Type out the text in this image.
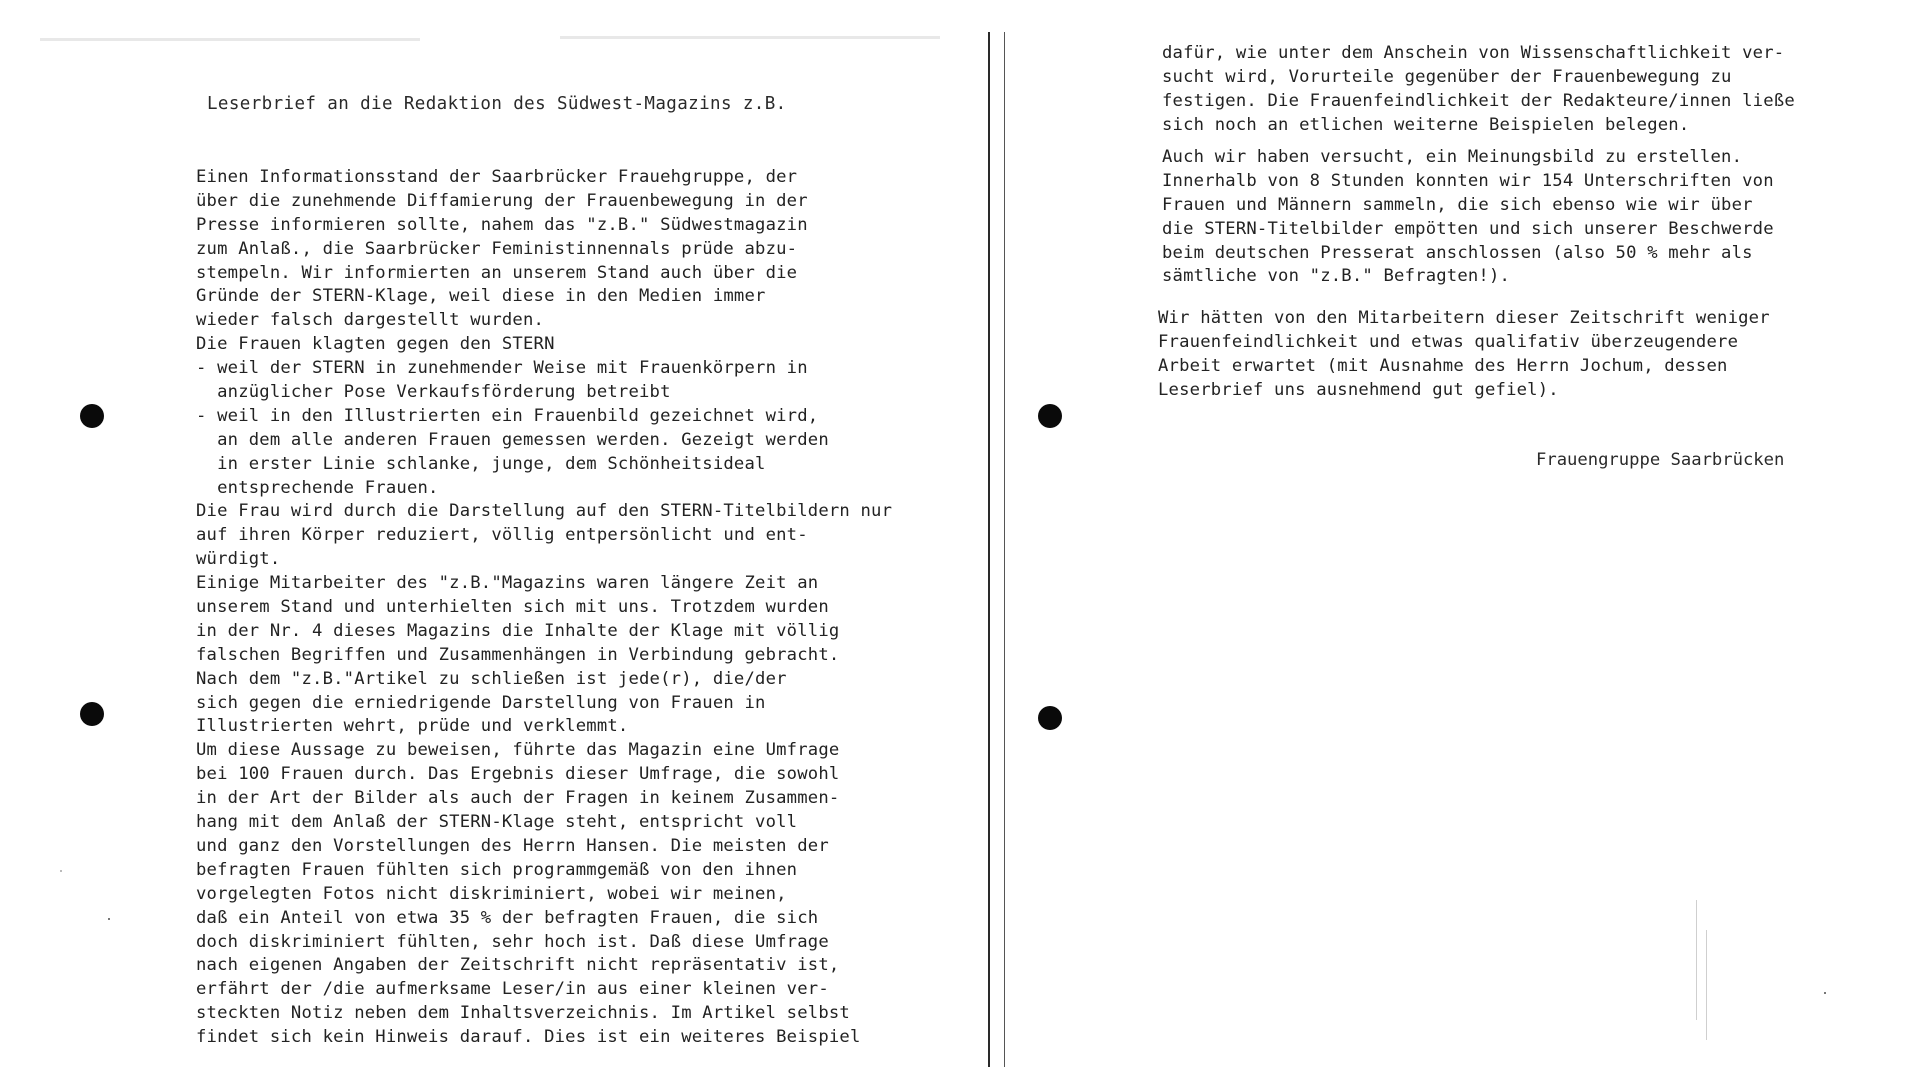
Leserbrief an die Redaktion des Südwest-Magazins z.B.
Einen Informationsstand der Saarbrücker Frauehgruppe, der
über die zunehmende Diffamierung der Frauenbewegung in der
Presse informieren sollte, nahem das "z.B." Südwestmagazin
zum Anlaß., die Saarbrücker Feministinnennals prüde abzu-
stempeln. Wir informierten an unserem Stand auch über die
Gründe der STERN-Klage, weil diese in den Medien immer
wieder falsch dargestellt wurden.
Die Frauen klagten gegen den STERN
- weil der STERN in zunehmender Weise mit Frauenkörpern in
anzüglicher Pose Verkaufsförderung betreibt
- weil in den Illustrierten ein Frauenbild gezeichnet wird,
an dem alle anderen Frauen gemessen werden. Gezeigt werden
in erster Linie schlanke, junge, dem Schönheitsideal
entsprechende Frauen.
Die Frau wird durch die Darstellung auf den STERN-Titelbildern nur
auf ihren Körper reduziert, völlig entpersönlicht und ent-
würdigt.
Einige Mitarbeiter des "z.B."Magazins waren längere Zeit an
unserem Stand und unterhielten sich mit uns. Trotzdem wurden
in der Nr. 4 dieses Magazins die Inhalte der Klage mit völlig
falschen Begriffen und Zusammenhängen in Verbindung gebracht.
Nach dem "z.B."Artikel zu schließen ist jede(r), die/der
sich gegen die erniedrigende Darstellung von Frauen in
Illustrierten wehrt, prüde und verklemmt.
Um diese Aussage zu beweisen, führte das Magazin eine Umfrage
bei 100 Frauen durch. Das Ergebnis dieser Umfrage, die sowohl
in der Art der Bilder als auch der Fragen in keinem Zusammen-
hang mit dem Anlaß der STERN-Klage steht, entspricht voll
und ganz den Vorstellungen des Herrn Hansen. Die meisten der
befragten Frauen fühlten sich programmgemäß von den ihnen
vorgelegten Fotos nicht diskriminiert, wobei wir meinen,
daß ein Anteil von etwa 35 % der befragten Frauen, die sich
doch diskriminiert fühlten, sehr hoch ist. Daß diese Umfrage
nach eigenen Angaben der Zeitschrift nicht repräsentativ ist,
erfährt der /die aufmerksame Leser/in aus einer kleinen ver-
steckten Notiz neben dem Inhaltsverzeichnis. Im Artikel selbst
findet sich kein Hinweis darauf. Dies ist ein weiteres Beispiel
dafür, wie unter dem Anschein von Wissenschaftlichkeit ver-
sucht wird, Vorurteile gegenüber der Frauenbewegung zu
festigen. Die Frauenfeindlichkeit der Redakteure/innen ließe
sich noch an etlichen weiterne Beispielen belegen.
Auch wir haben versucht, ein Meinungsbild zu erstellen.
Innerhalb von 8 Stunden konnten wir 154 Unterschriften von
Frauen und Männern sammeln, die sich ebenso wie wir über
die STERN-Titelbilder empötten und sich unserer Beschwerde
beim deutschen Presserat anschlossen (also 50 % mehr als
sämtliche von "z.B." Befragten!).
Wir hätten von den Mitarbeitern dieser Zeitschrift weniger
Frauenfeindlichkeit und etwas qualifativ überzeugendere
Arbeit erwartet (mit Ausnahme des Herrn Jochum, dessen
Leserbrief uns ausnehmend gut gefiel).
Frauengruppe Saarbrücken
